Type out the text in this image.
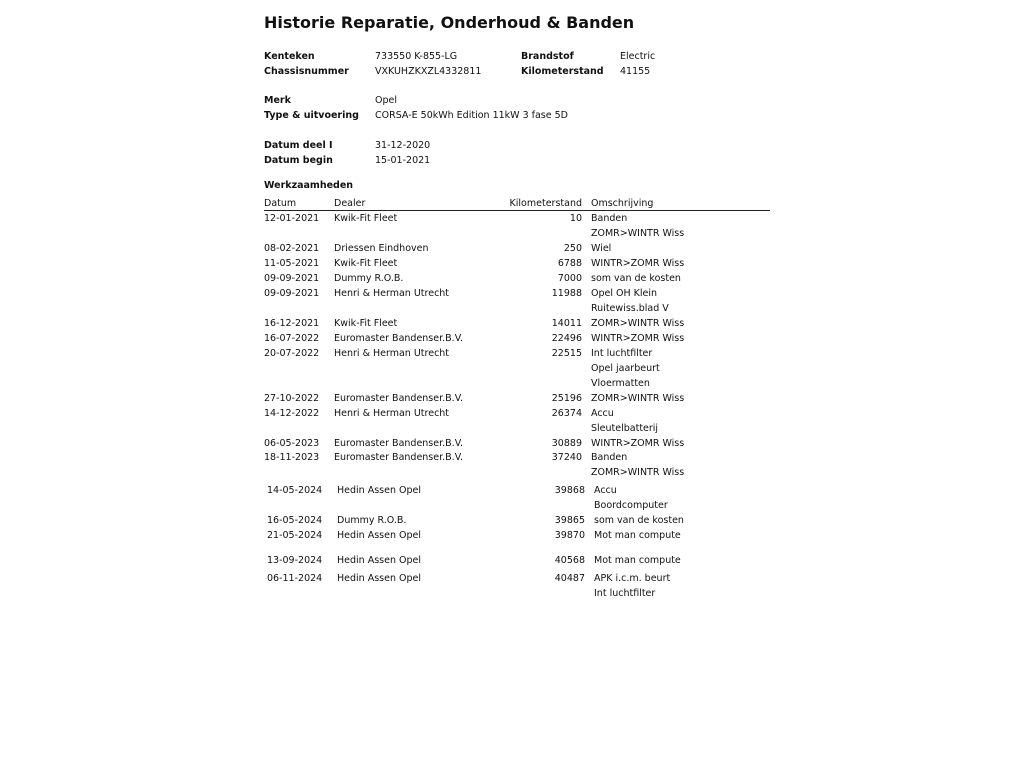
Historie Reparatie, Onderhoud & Banden
Kenteken	733550 K-855-LG	Brandstof	Electric
Chassisnummer	VXKUHZKXZL4332811	Kilometerstand 41155
Merk	Opel
Type & uitvoering CORSA-E 50kWh Edition 11kW 3 fase 5D
Datum deel I	31-12-2020
Datum begin	15-01-2021
Werkzaamheden
Datum	Dealer	Kilometerstand Omschrijving
12-01-2021 Kwik-Fit Fleet	10 Banden
ZOMR>WINTR Wiss
08-02-2021 Driessen Eindhoven	250 Wiel
11-05-2021 Kwik-Fit Fleet	6788 WINTR>ZOMR Wiss
09-09-2021 Dummy R.O.B.	7000 som van de kosten
09-09-2021 Henri & Herman Utrecht	11988 Opel OH Klein
Ruitewiss.blad V
16-12-2021 Kwik-Fit Fleet	14011 ZOMR>WINTR Wiss
16-07-2022 Euromaster Bandenser.B.V.	22496 WINTR>ZOMR Wiss
20-07-2022 Henri & Herman Utrecht	22515 Int luchtfilter
Opel jaarbeurt
Vloermatten
27-10-2022 Euromaster Bandenser.B.V.	25196 ZOMR>WINTR Wiss
14-12-2022 Henri & Herman Utrecht	26374 Accu
Sleutelbatterij
06-05-2023 Euromaster Bandenser.B.V.	30889 WINTR>ZOMR Wiss
18-11-2023 Euromaster Bandenser.B.V.	37240 Banden
ZOMR>WINTR Wiss
14-05-2024 Hedin Assen Opel	39868 Accu
Boordcomputer
16-05-2024 Dummy R.O.B.	39865 som van de kosten
21-05-2024 Hedin Assen Opel	39870 Mot man compute
13-09-2024 Hedin Assen Opel	40568 Mot man compute
06-11-2024 Hedin Assen Opel	40487 APK i.c.m. beurt
Int luchtfilter
